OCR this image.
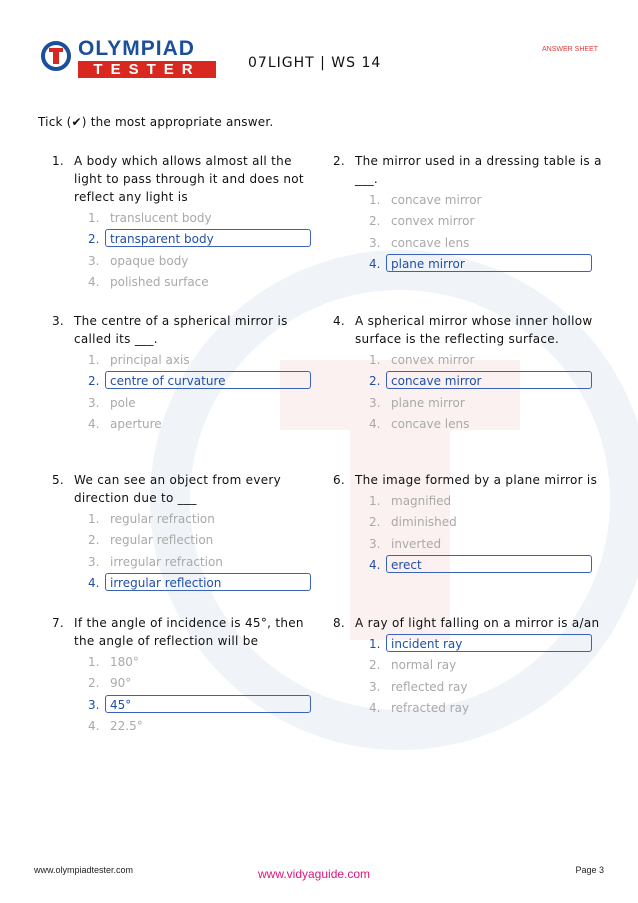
OLYMPIAD
TESTER	07LIGHT | WS 14
ANSWER SHEET
Tick (✔) the most appropriate answer.
1. A body which allows almost all the light to pass through it and does not reflect any light is
1. translucent body
2. transparent body
3. opaque body
4. polished surface
2. The mirror used in a dressing table is a ___.
1. concave mirror
2. convex mirror
3. concave lens
4. plane mirror
3. The centre of a spherical mirror is called its ___.
1. principal axis
2. centre of curvature
3. pole
4. aperture
4. A spherical mirror whose inner hollow surface is the reflecting surface.
1. convex mirror
2. concave mirror
3. plane mirror
4. concave lens
5. We can see an object from every direction due to ___
1. regular refraction
2. regular reflection
3. irregular refraction
4. irregular reflection
6. The image formed by a plane mirror is
1. magnified
2. diminished
3. inverted
4. erect
7. If the angle of incidence is 45°, then the angle of reflection will be
1. 180°
2. 90°
3. 45°
4. 22.5°
8. A ray of light falling on a mirror is a/an
1. incident ray
2. normal ray
3. reflected ray
4. refracted ray
www.olympiadtester.com	www.vidyaguide.com	Page 3
